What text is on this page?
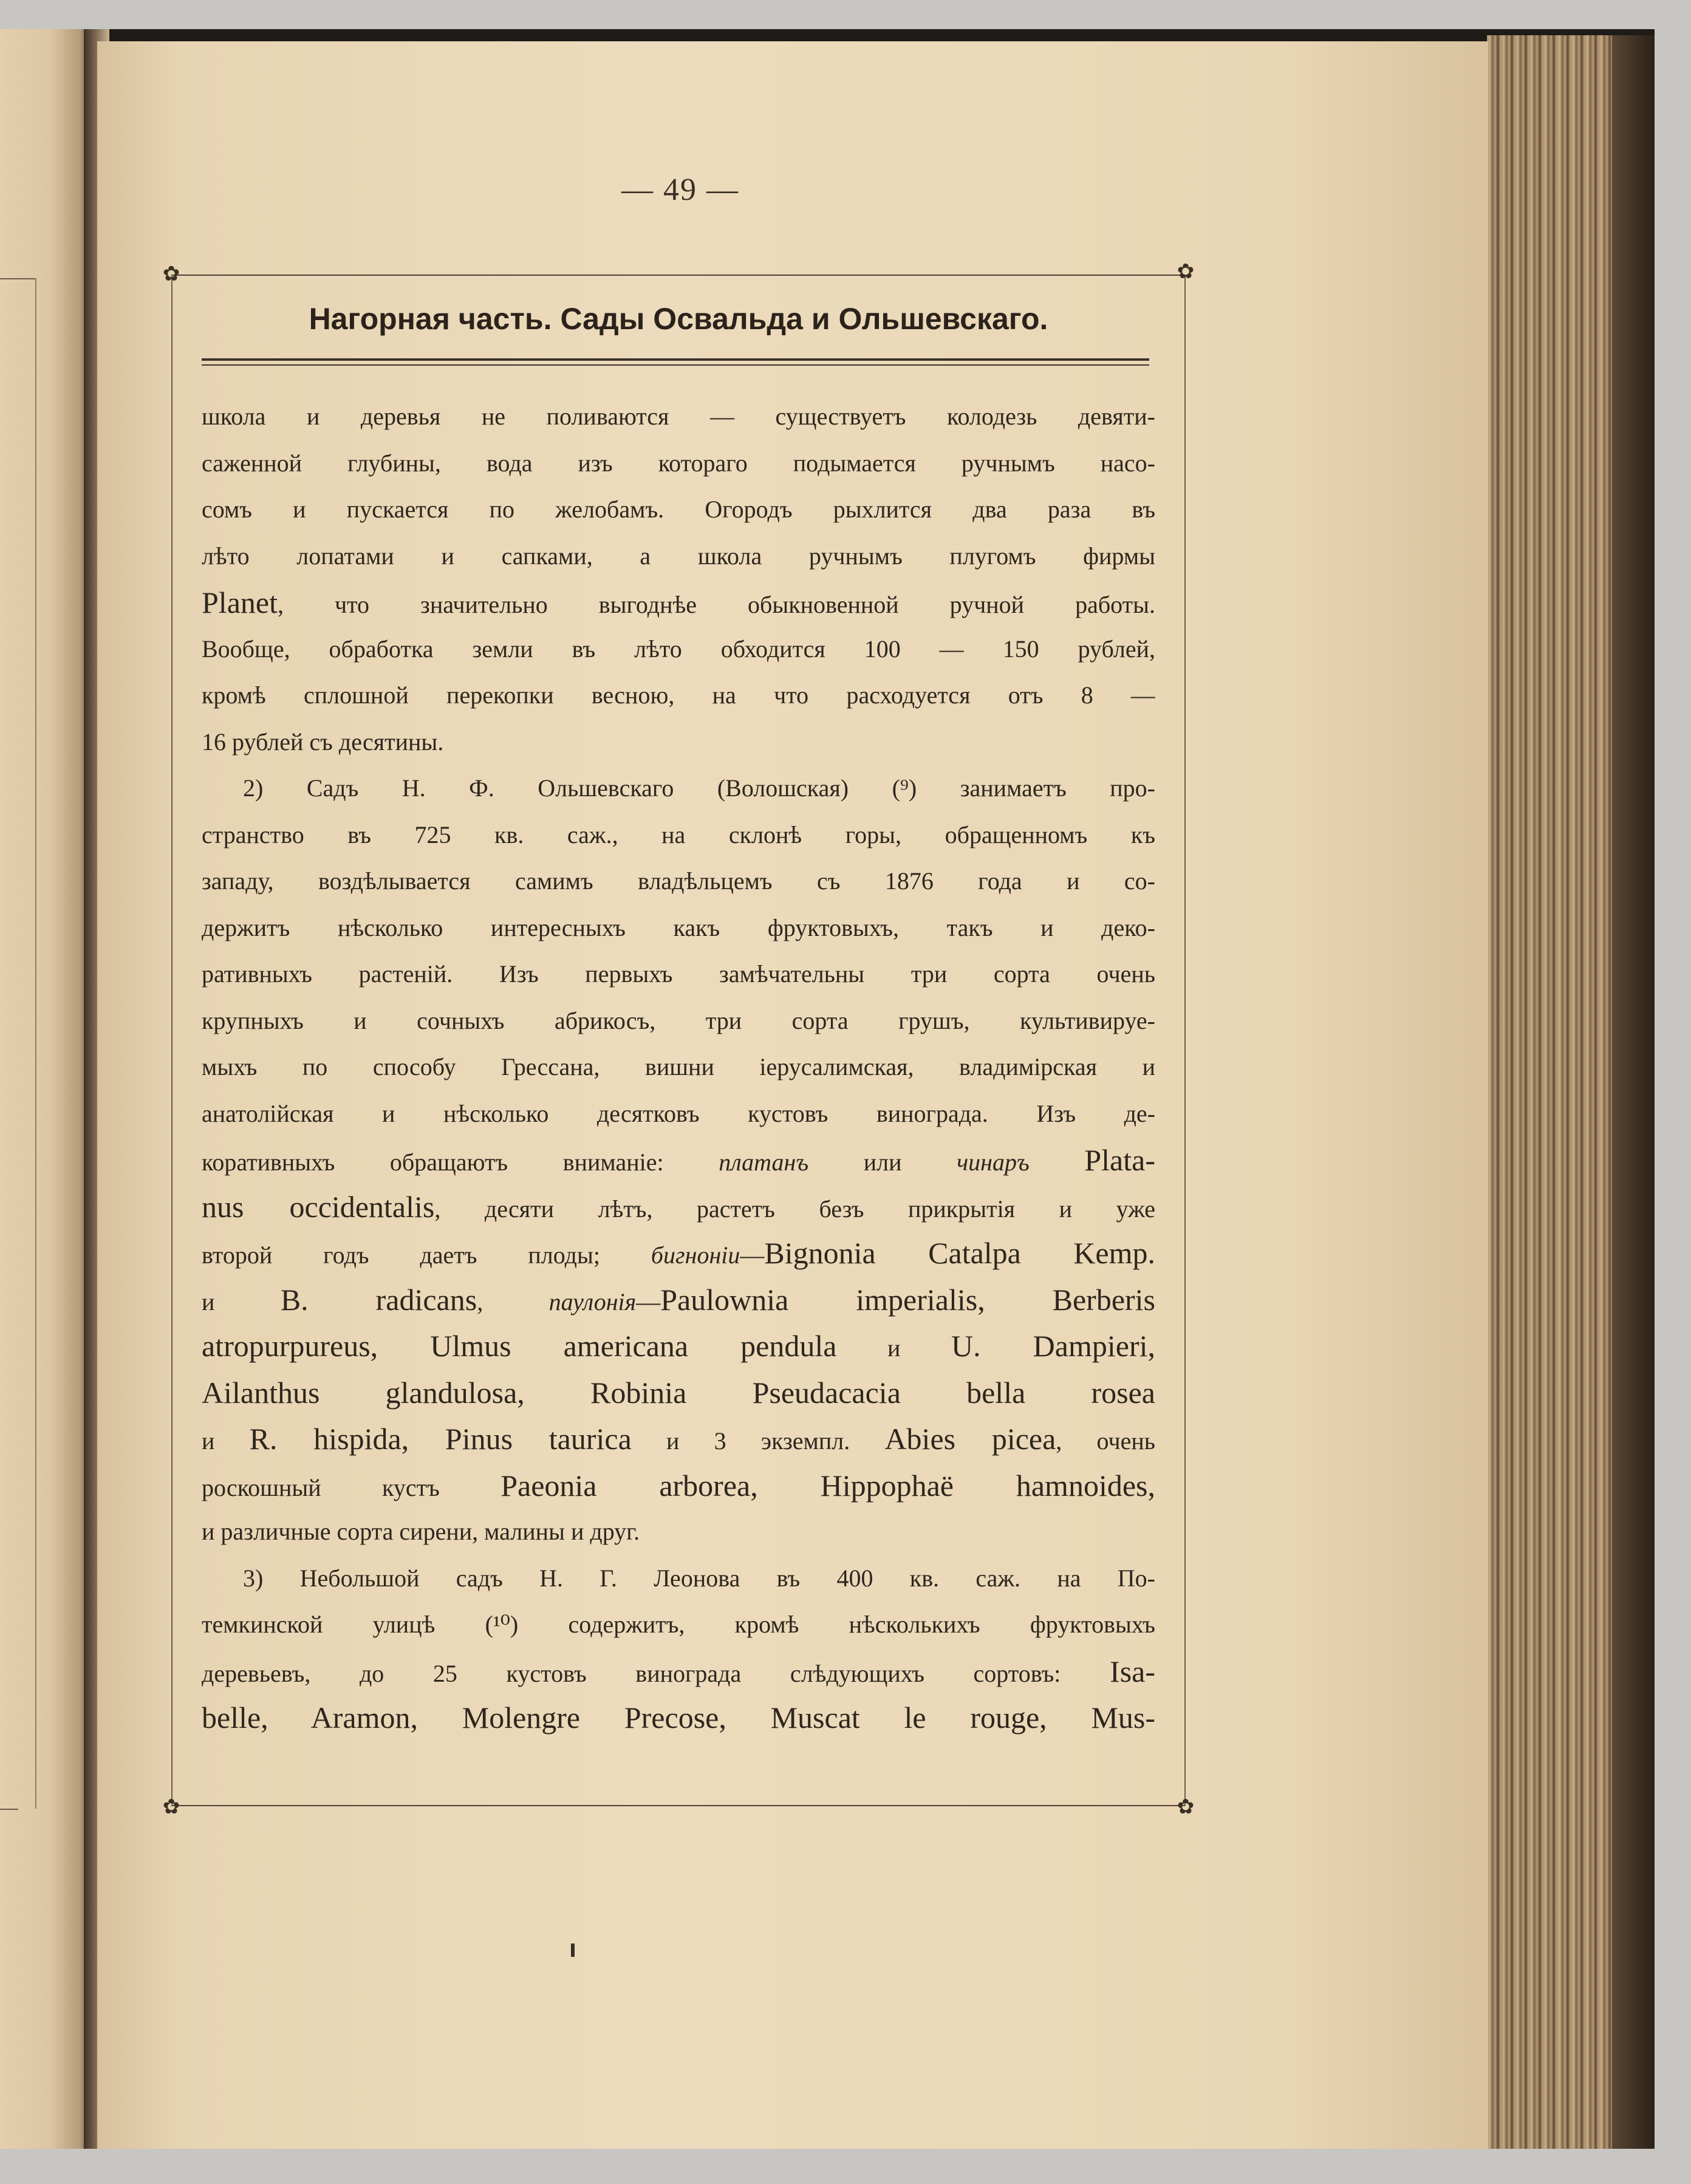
— 49 —
✿	✿
✿	✿
Нагорная часть. Сады Освальда и Ольшевскаго.
школа и деревья не поливаются — существуетъ колодезь девяти-
саженной глубины, вода изъ котораго подымается ручнымъ насо-
сомъ и пускается по желобамъ. Огородъ рыхлится два раза въ
лѣто лопатами и сапками, а школа ручнымъ плугомъ фирмы
Planet, что значительно выгоднѣе обыкновенной ручной работы.
Вообще, обработка земли въ лѣто обходится 100 — 150 рублей,
кромѣ сплошной перекопки весною, на что расходуется отъ 8 —
16 рублей съ десятины.
2) Садъ Н. Ф. Ольшевскаго (Волошская) (⁹) занимаетъ про-
странство въ 725 кв. саж., на склонѣ горы, обращенномъ къ
западу, воздѣлывается самимъ владѣльцемъ съ 1876 года и со-
держитъ нѣсколько интересныхъ какъ фруктовыхъ, такъ и деко-
ративныхъ растеній. Изъ первыхъ замѣчательны три сорта очень
крупныхъ и сочныхъ абрикосъ, три сорта грушъ, культивируе-
мыхъ по способу Грессана, вишни іерусалимская, владимірская и
анатолійская и нѣсколько десятковъ кустовъ винограда. Изъ де-
коративныхъ обращаютъ вниманіе: платанъ или чинаръ Plata-
nus occidentalis, десяти лѣтъ, растетъ безъ прикрытія и уже
второй годъ даетъ плоды; бигноніи—Bignonia Catalpa Kemp.
и B. radicans, паулонія—Paulownia imperialis, Berberis
atropurpureus, Ulmus americana pendula и U. Dampieri,
Ailanthus glandulosa, Robinia Pseudacacia bella rosea
и R. hispida, Pinus taurica и 3 экземпл. Abies picea, очень
роскошный кустъ Paeonia arborea, Hippophaë hamnoides,
и различные сорта сирени, малины и друг.
3) Небольшой садъ Н. Г. Леонова въ 400 кв. саж. на По-
темкинской улицѣ (¹⁰) содержитъ, кромѣ нѣсколькихъ фруктовыхъ
деревьевъ, до 25 кустовъ винограда слѣдующихъ сортовъ: Isa-
belle, Aramon, Molengre Precose, Muscat le rouge, Mus-
